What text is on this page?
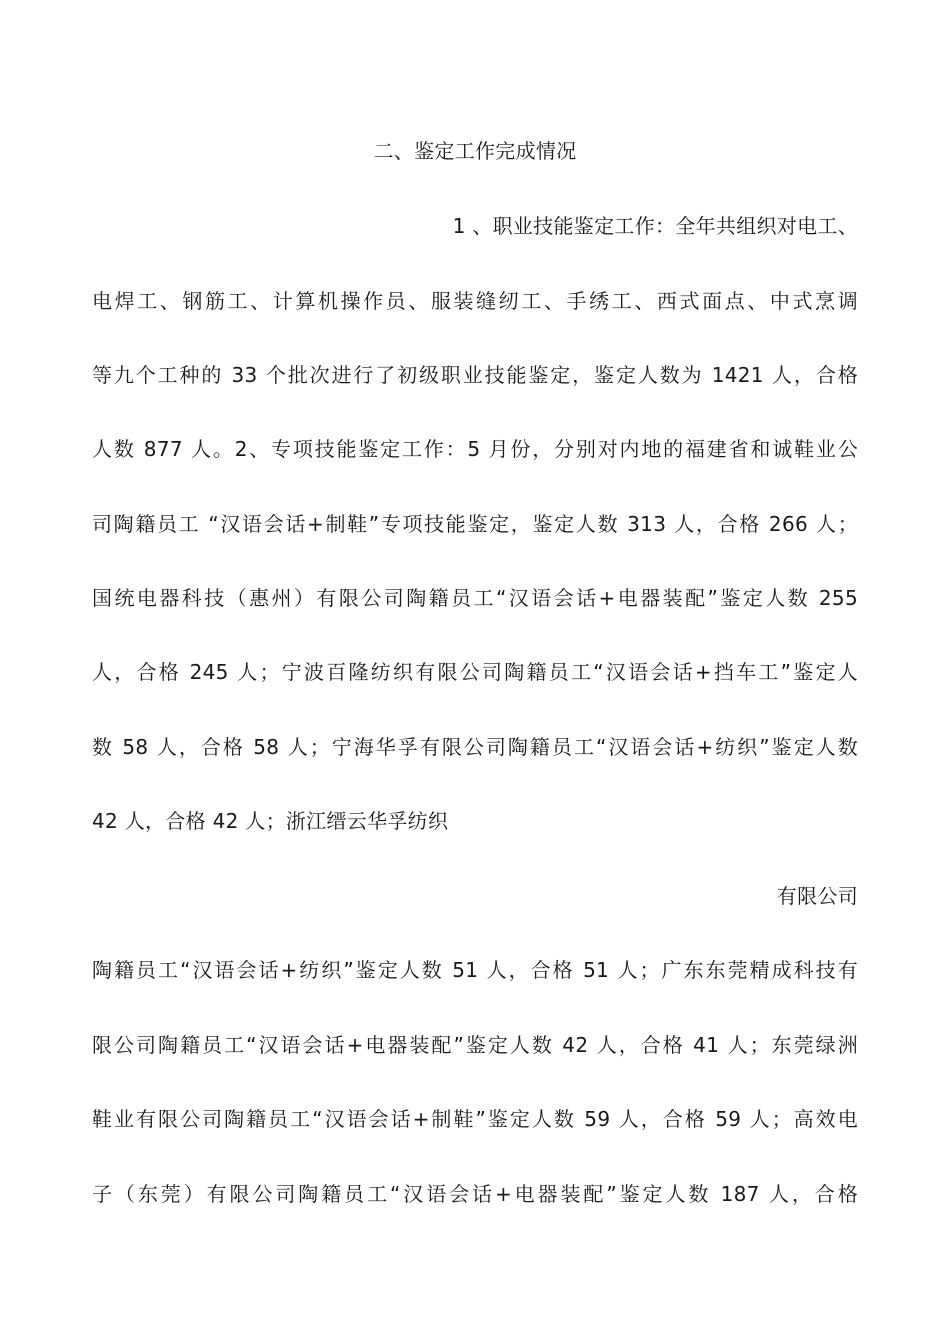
二、鉴定工作完成情况
1 、职业技能鉴定工作：全年共组织对电工、
电焊工、钢筋工、计算机操作员、服装缝纫工、手绣工、西式面点、中式烹调
等九个工种的 33 个批次进行了初级职业技能鉴定，鉴定人数为 1421 人，合格
人数 877 人。2、专项技能鉴定工作：5 月份，分别对内地的福建省和诚鞋业公
司陶籍员工 “汉语会话+制鞋”专项技能鉴定，鉴定人数 313 人，合格 266 人；
国统电器科技（惠州）有限公司陶籍员工“汉语会话+电器装配”鉴定人数 255
人，合格 245 人；宁波百隆纺织有限公司陶籍员工“汉语会话+挡车工”鉴定人
数 58 人，合格 58 人；宁海华孚有限公司陶籍员工“汉语会话+纺织”鉴定人数
42 人，合格 42 人；浙江缙云华孚纺织
有限公司
陶籍员工“汉语会话+纺织”鉴定人数 51 人，合格 51 人；广东东莞精成科技有
限公司陶籍员工“汉语会话+电器装配”鉴定人数 42 人，合格 41 人；东莞绿洲
鞋业有限公司陶籍员工“汉语会话+制鞋”鉴定人数 59 人，合格 59 人；高效电
子（东莞）有限公司陶籍员工“汉语会话+电器装配”鉴定人数 187 人，合格
